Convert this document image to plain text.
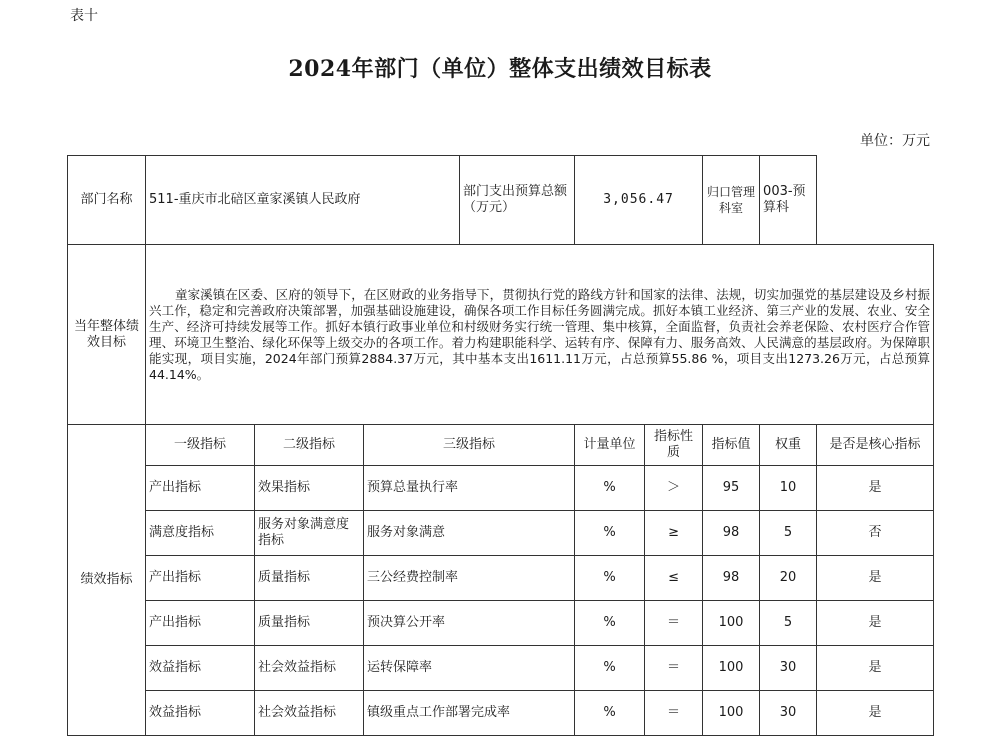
表十
2024年部门（单位）整体支出绩效目标表
单位：万元
部门名称	511-重庆市北碚区童家溪镇人民政府			部门支出预算总额（万元）	3,056.47		归口管理科室	003-预算科	
当年整体绩效目标	童家溪镇在区委、区府的领导下，在区财政的业务指导下，贯彻执行党的路线方针和国家的法律、法规，切实加强党的基层建设及乡村振兴工作，稳定和完善政府决策部署，加强基础设施建设，确保各项工作目标任务圆满完成。抓好本镇工业经济、第三产业的发展、农业、安全生产、经济可持续发展等工作。抓好本镇行政事业单位和村级财务实行统一管理、集中核算，全面监督，负责社会养老保险、农村医疗合作管理、环境卫生整治、绿化环保等上级交办的各项工作。着力构建职能科学、运转有序、保障有力、服务高效、人民满意的基层政府。为保障职能实现，项目实施，2024年部门预算2884.37万元，其中基本支出1611.11万元，占总预算55.86 %，项目支出1273.26万元，占总预算44.14%。								
绩效指标	一级指标	二级指标	三级指标		计量单位	指标性质	指标值	权重	是否是核心指标
	产出指标	效果指标	预算总量执行率		%	＞	95	10	是
	满意度指标	服务对象满意度指标	服务对象满意		%	≥	98	5	否
	产出指标	质量指标	三公经费控制率		%	≤	98	20	是
	产出指标	质量指标	预决算公开率		%	＝	100	5	是
	效益指标	社会效益指标	运转保障率		%	＝	100	30	是
	效益指标	社会效益指标	镇级重点工作部署完成率		%	＝	100	30	是
